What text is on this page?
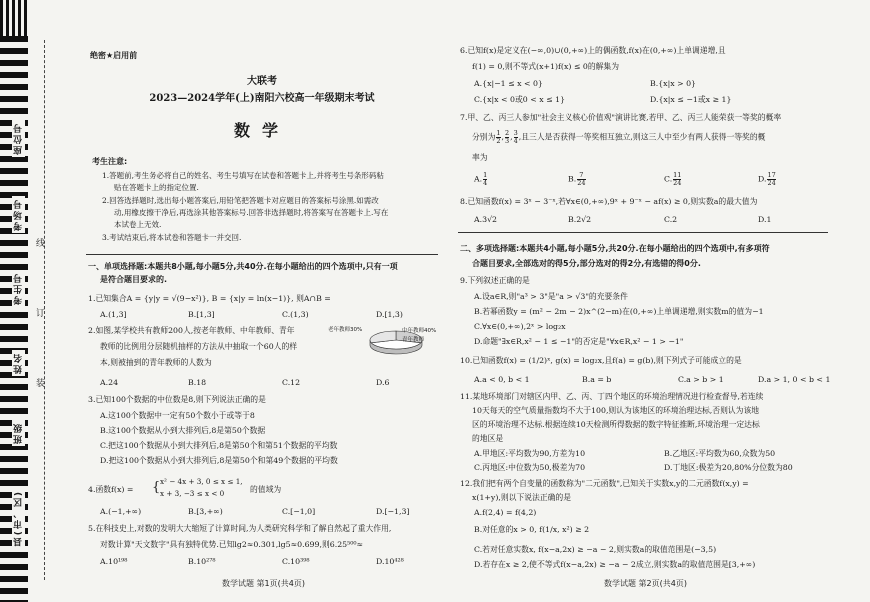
座位号
考场号
考生号
姓名
班级
县(市、区)
线
订
装
绝密★启用前
大联考
2023—2024学年(上)南阳六校高一年级期末考试
数学
考生注意:
1.答题前,考生务必将自己的姓名、考生号填写在试卷和答题卡上,并将考生号条形码粘
贴在答题卡上的指定位置.
2.回答选择题时,选出每小题答案后,用铅笔把答题卡对应题目的答案标号涂黑.如需改
动,用橡皮擦干净后,再选涂其他答案标号.回答非选择题时,将答案写在答题卡上.写在
本试卷上无效.
3.考试结束后,将本试卷和答题卡一并交回.
一、单项选择题:本题共8小题,每小题5分,共40分.在每小题给出的四个选项中,只有一项
是符合题目要求的.
1.已知集合A = {y|y = √(9−x²)}, B = {x|y = ln(x−1)}, 则A∩B =
A.(1,3]	B.[1,3]	C.(1,3)	D.[1,3)
2.如图,某学校共有教师200人,按老年教师、中年教师、青年
教师的比例用分层随机抽样的方法从中抽取一个60人的样
本,则被抽到的青年教师的人数为
老年教师30%	中年教师40%
青年教师
A.24	B.18	C.12	D.6
3.已知100个数据的中位数是8,则下列说法正确的是
A.这100个数据中一定有50个数小于或等于8
B.这100个数据从小到大排列后,8是第50个数据
C.把这100个数据从小到大排列后,8是第50个和第51个数据的平均数
D.把这100个数据从小到大排列后,8是第50个和第49个数据的平均数
4.函数f(x) = { x² − 4x + 3, 0 ≤ x ≤ 1,
x + 3, −3 ≤ x < 0	的值域为
A.(−1,+∞)	B.[3,+∞)	C.[−1,0]	D.[−1,3]
5.在科技史上,对数的发明大大缩短了计算时间,为人类研究科学和了解自然起了重大作用,
对数计算"天文数字"具有独特优势.已知lg2≈0.301,lg5≈0.699,则6.25⁵⁰⁰≈
A.10¹⁹⁸	B.10²⁷⁸	C.10³⁹⁸	D.10⁴²⁸
数学试题 第1页(共4页)
6.已知f(x)是定义在(−∞,0)∪(0,+∞)上的偶函数,f(x)在(0,+∞)上单调递增,且
f(1) = 0,则不等式(x+1)f(x) ≤ 0的解集为
A.{x|−1 ≤ x < 0}	B.{x|x > 0}
C.{x|x < 0或0 < x ≤ 1}	D.{x|x ≤ −1或x ≥ 1}
7.甲、乙、丙三人参加"社会主义核心价值观"演讲比赛,若甲、乙、丙三人能荣获一等奖的概率
分别为 $\frac{1}{2}$ , $\frac{2}{3}$ , $\frac{3}{4}$ ,且三人是否获得一等奖相互独立,则这三人中至少有两人获得一等奖的概
率为
A. $\frac{1}{4}$	B. $\frac{7}{24}$	C. $\frac{11}{24}$	D. $\frac{17}{24}$
8.已知函数f(x) = 3ˣ − 3⁻ˣ,若∀x∈(0,+∞),9ˣ + 9⁻ˣ − af(x) ≥ 0,则实数a的最大值为
A.3√2	B.2√2	C.2	D.1
二、多项选择题:本题共4小题,每小题5分,共20分.在每小题给出的四个选项中,有多项符
合题目要求,全部选对的得5分,部分选对的得2分,有选错的得0分.
9.下列叙述正确的是
A.设a∈R,则"a³ > 3"是"a > √3"的充要条件
B.若幂函数y = (m² − 2m − 2)x^(2−m)在(0,+∞)上单调递增,则实数m的值为−1
C.∀x∈(0,+∞),2ˣ > log₂x
D.命题"∃x∈R,x² − 1 ≤ −1"的否定是"∀x∈R,x² − 1 > −1"
10.已知函数f(x) = (1/2)ˣ, g(x) = log₂x,且f(a) = g(b),则下列式子可能成立的是
A.a < 0, b < 1	B.a = b	C.a > b > 1	D.a > 1, 0 < b < 1
11.某地环境部门对辖区内甲、乙、丙、丁四个地区的环境治理情况进行检查督导,若连续
10天每天的空气质量指数均不大于100,则认为该地区的环境治理达标,否则认为该地
区的环境治理不达标.根据连续10天检测所得数据的数字特征推断,环境治理一定达标
的地区是
A.甲地区:平均数为90,方差为10	B.乙地区:平均数为60,众数为50
C.丙地区:中位数为50,极差为70	D.丁地区:极差为20,80%分位数为80
12.我们把有两个自变量的函数称为"二元函数",已知关于实数x,y的二元函数f(x,y) =
x(1+y),则以下说法正确的是
A.f(2,4) = f(4,2)
B.对任意的x > 0, f(1/x, x²) ≥ 2
C.若对任意实数x, f(x−a,2x) ≥ −a − 2,则实数a的取值范围是(−3,5)
D.若存在x ≥ 2,使不等式f(x−a,2x) ≥ −a − 2成立,则实数a的取值范围是[3,+∞)
数学试题 第2页(共4页)
